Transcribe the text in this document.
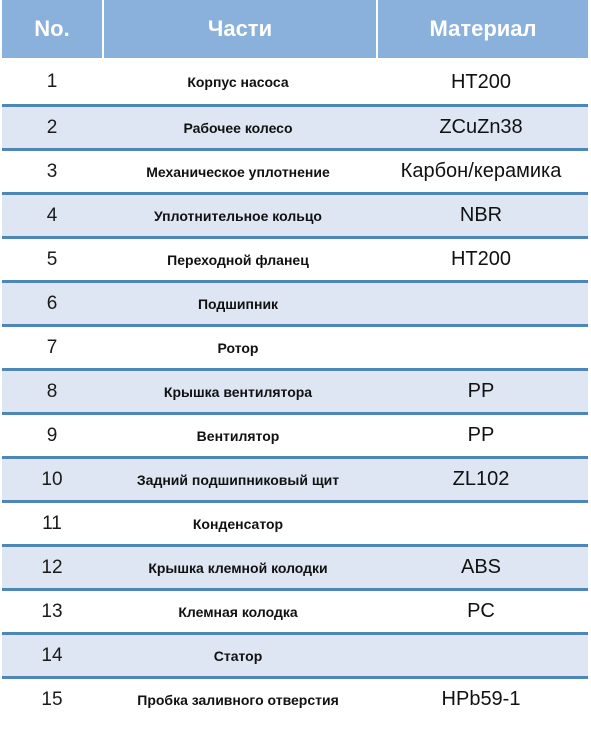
No.	Части	Материал
1	Корпус насоса	HT200
2	Рабочее колесо	ZCuZn38
3	Механическое уплотнение	Карбон/керамика
4	Уплотнительное кольцо	NBR
5	Переходной фланец	HT200
6	Подшипник
7	Ротор
8	Крышка вентилятора	PP
9	Вентилятор	PP
10	Задний подшипниковый щит	ZL102
11	Конденсатор
12	Крышка клемной колодки	ABS
13	Клемная колодка	PC
14	Статор
15	Пробка заливного отверстия	HPb59-1
